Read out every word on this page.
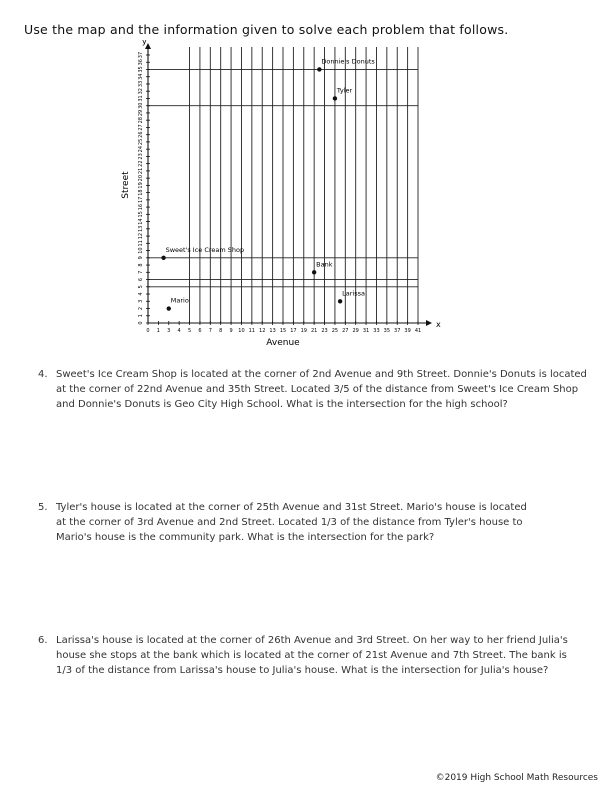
Use the map and the information given to solve each problem that follows.
x
y
0 1 3 4 5 6 7 8 9 10 11 12 13 15 17 19 21 23 25 27 29 31 33 35 37 39 41
0
1
2
3
4
5
6
7
8
9
10
11
12
13
14
15
16
17
18
19
20
21
22
23
24
25
26
27
28
29
30
31
32
33
34
35
36
37
Avenue
Street
Donnie's Donuts
Tyler
Sweet's Ice Cream Shop
Bank
Larissa
Mario
4. Sweet's Ice Cream Shop is located at the corner of 2nd Avenue and 9th Street. Donnie's Donuts is located
at the corner of 22nd Avenue and 35th Street. Located 3/5 of the distance from Sweet's Ice Cream Shop
and Donnie's Donuts is Geo City High School. What is the intersection for the high school?
5. Tyler's house is located at the corner of 25th Avenue and 31st Street. Mario's house is located
at the corner of 3rd Avenue and 2nd Street. Located 1/3 of the distance from Tyler's house to
Mario's house is the community park. What is the intersection for the park?
6. Larissa's house is located at the corner of 26th Avenue and 3rd Street. On her way to her friend Julia's
house she stops at the bank which is located at the corner of 21st Avenue and 7th Street. The bank is
1/3 of the distance from Larissa's house to Julia's house. What is the intersection for Julia's house?
©2019 High School Math Resources
